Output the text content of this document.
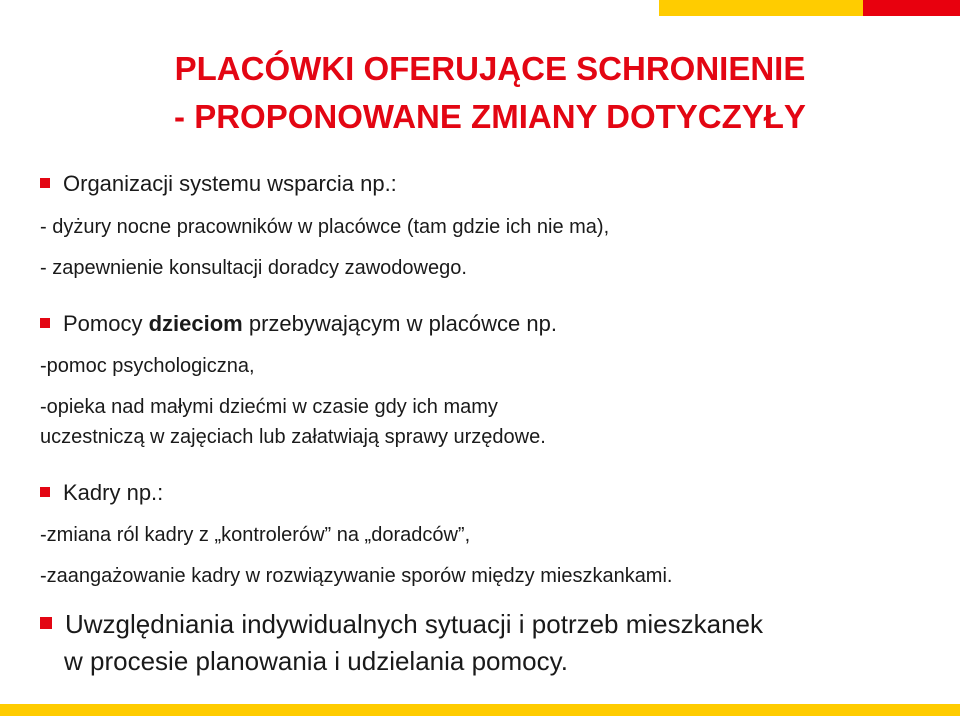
PLACÓWKI OFERUJĄCE SCHRONIENIE
- PROPONOWANE ZMIANY DOTYCZYŁY
Organizacji systemu wsparcia np.:
- dyżury nocne pracowników w placówce (tam gdzie ich nie ma),
- zapewnienie konsultacji doradcy zawodowego.
Pomocy dzieciom przebywającym w placówce np.
-pomoc psychologiczna,
-opieka nad małymi dziećmi w czasie gdy ich mamy
uczestniczą w zajęciach lub załatwiają sprawy urzędowe.
Kadry np.:
-zmiana ról kadry z „kontrolerów” na „doradców”,
-zaangażowanie kadry w rozwiązywanie sporów między mieszkankami.
Uwzględniania indywidualnych sytuacji i potrzeb mieszkanek
w procesie planowania i udzielania pomocy.
